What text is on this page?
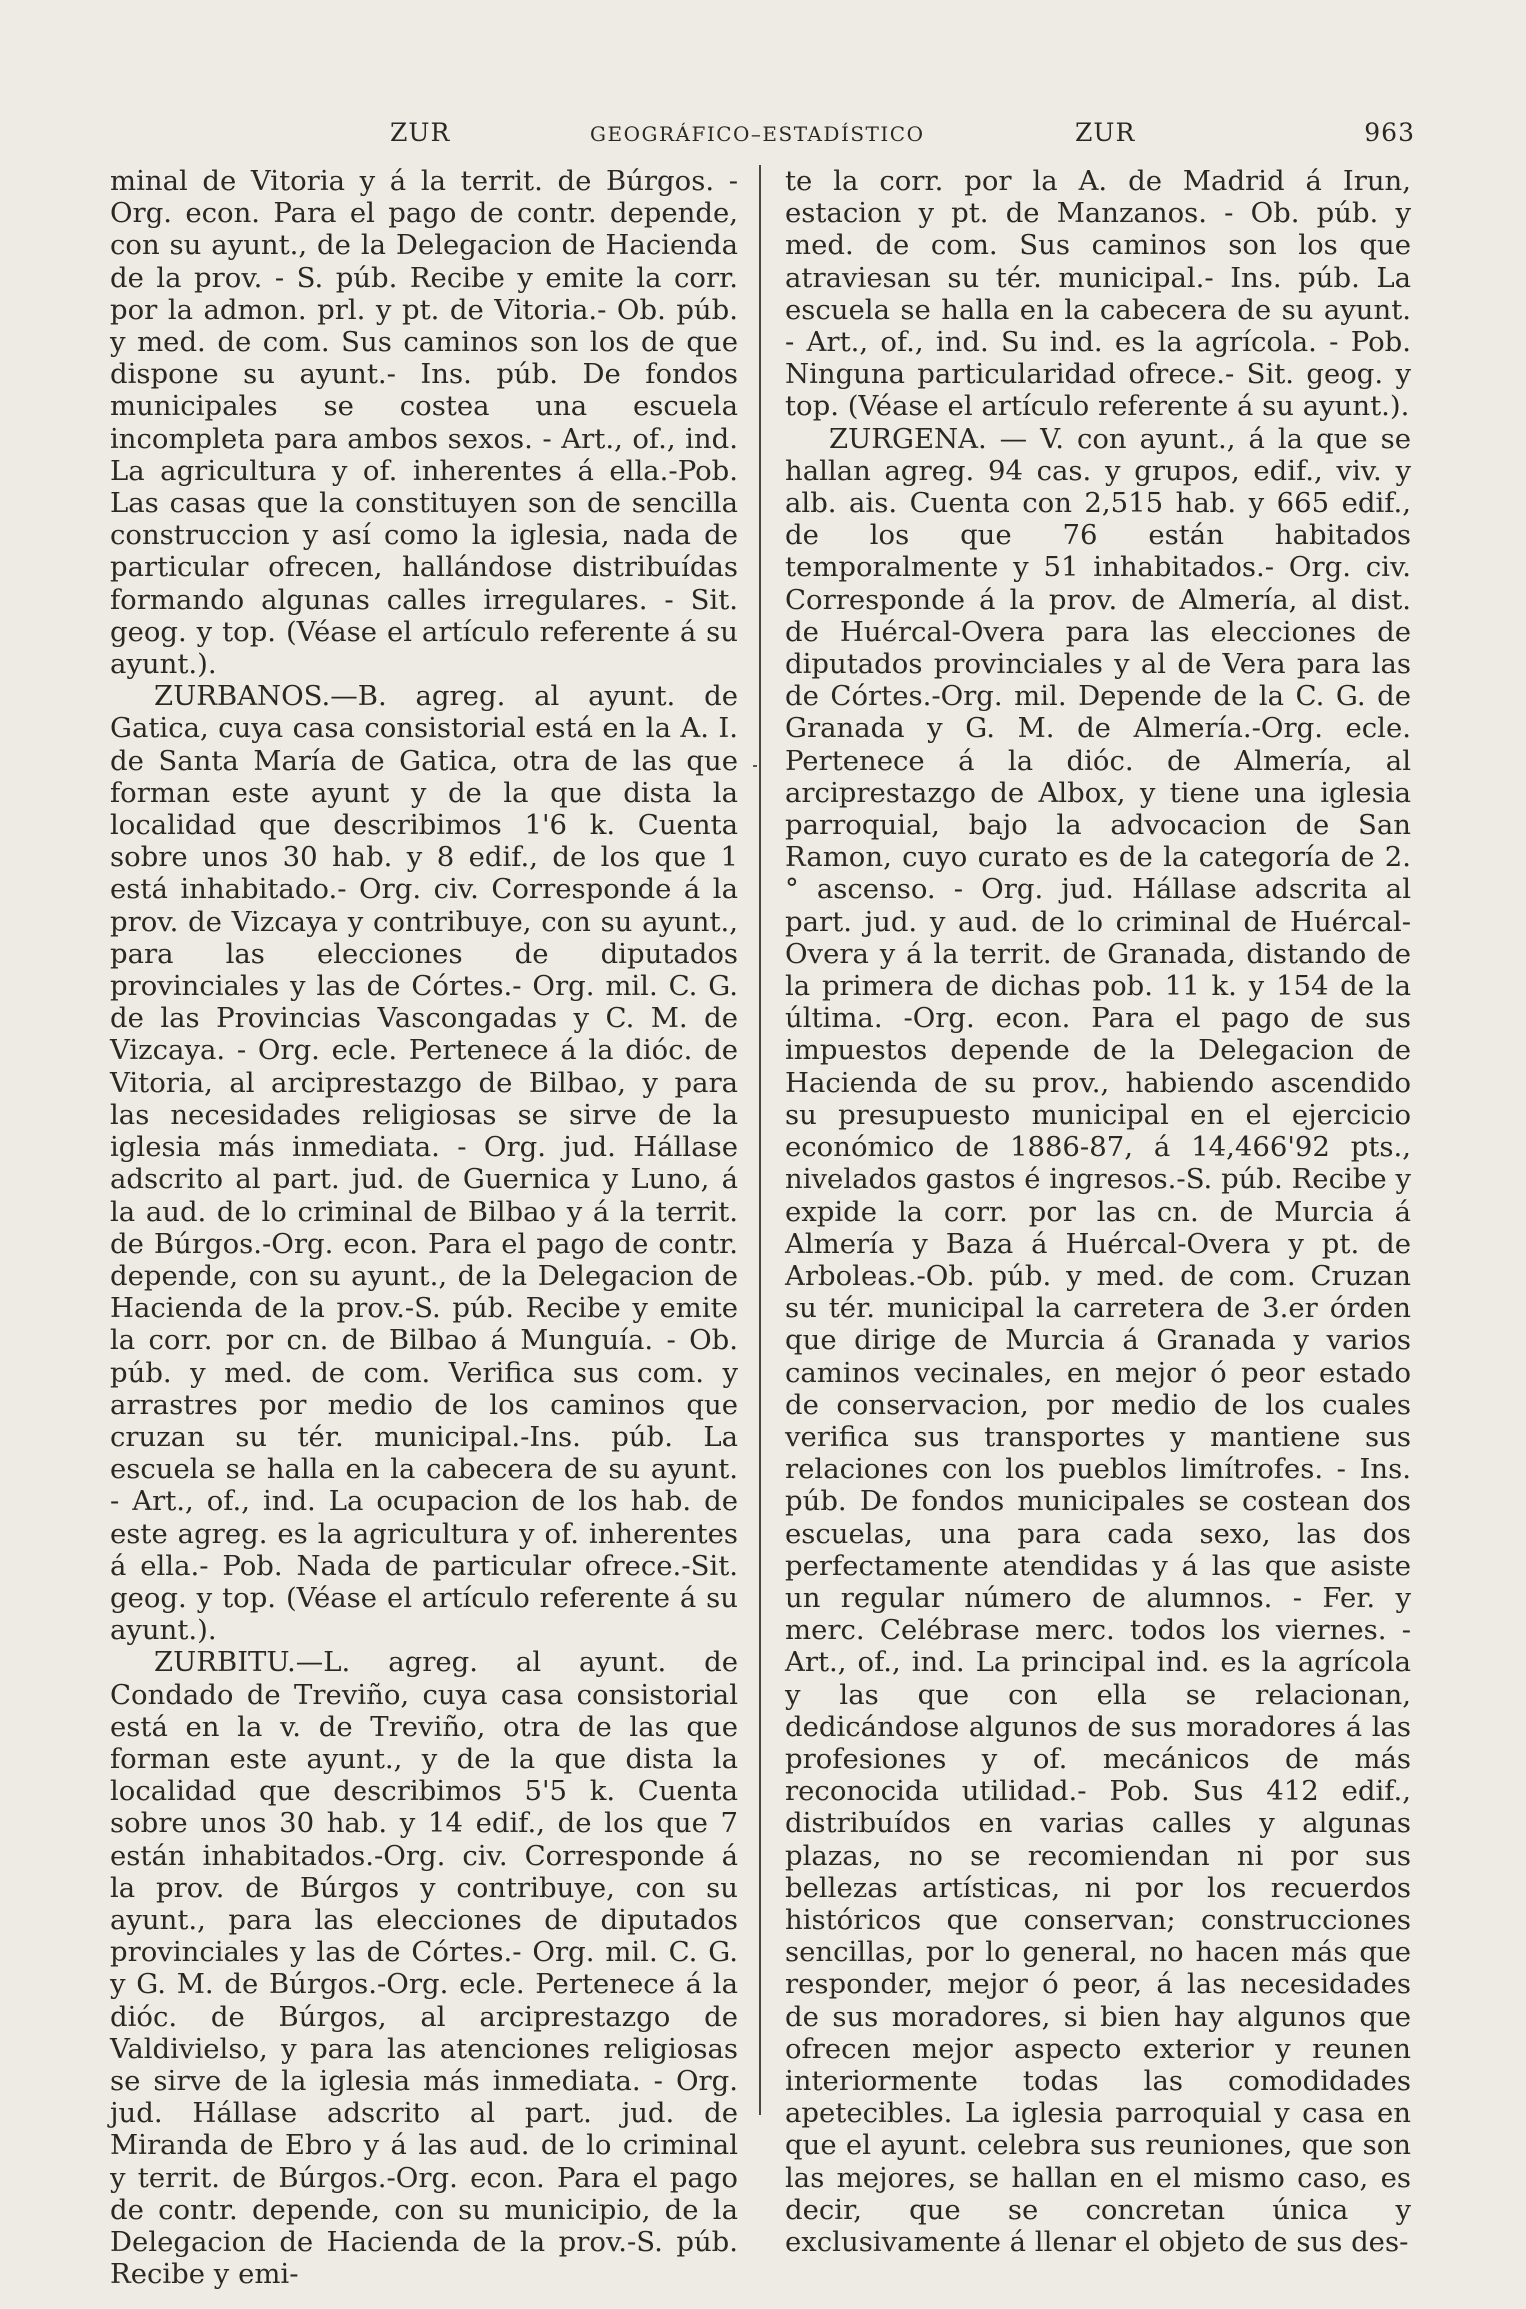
ZUR	GEOGRÁFICO–ESTADÍSTICO	ZUR	963

minal de Vitoria y á la territ. de Búrgos. - Org. econ. Para el pago de contr. depende, con su ayunt., de la Delegacion de Hacienda de la prov. - S. púb. Recibe y emite la corr. por la admon. prl. y pt. de Vitoria.- Ob. púb. y med. de com. Sus caminos son los de que dispone su ayunt.- Ins. púb. De fondos municipales se costea una escuela incompleta para ambos sexos. - Art., of., ind. La agricultura y of. inherentes á ella.-Pob. Las casas que la constituyen son de sencilla construccion y así como la iglesia, nada de particular ofrecen, hallándose distribuídas formando algunas calles irregulares. - Sit. geog. y top. (Véase el artículo referente á su ayunt.).

ZURBANOS.—B. agreg. al ayunt. de Gatica, cuya casa consistorial está en la A. I. de Santa María de Gatica, otra de las que forman este ayunt y de la que dista la localidad que describimos 1'6 k. Cuenta sobre unos 30 hab. y 8 edif., de los que 1 está inhabitado.- Org. civ. Corresponde á la prov. de Vizcaya y contribuye, con su ayunt., para las elecciones de diputados provinciales y las de Córtes.- Org. mil. C. G. de las Provincias Vascongadas y C. M. de Vizcaya. - Org. ecle. Pertenece á la dióc. de Vitoria, al arciprestazgo de Bilbao, y para las necesidades religiosas se sirve de la iglesia más inmediata. - Org. jud. Hállase adscrito al part. jud. de Guernica y Luno, á la aud. de lo criminal de Bilbao y á la territ. de Búrgos.-Org. econ. Para el pago de contr. depende, con su ayunt., de la Delegacion de Hacienda de la prov.-S. púb. Recibe y emite la corr. por cn. de Bilbao á Munguía. - Ob. púb. y med. de com. Verifica sus com. y arrastres por medio de los caminos que cruzan su tér. municipal.-Ins. púb. La escuela se halla en la cabecera de su ayunt. - Art., of., ind. La ocupacion de los hab. de este agreg. es la agricultura y of. inherentes á ella.- Pob. Nada de particular ofrece.-Sit. geog. y top. (Véase el artículo referente á su ayunt.).

ZURBITU.—L. agreg. al ayunt. de Condado de Treviño, cuya casa consistorial está en la v. de Treviño, otra de las que forman este ayunt., y de la que dista la localidad que describimos 5'5 k. Cuenta sobre unos 30 hab. y 14 edif., de los que 7 están inhabitados.-Org. civ. Corresponde á la prov. de Búrgos y contribuye, con su ayunt., para las elecciones de diputados provinciales y las de Córtes.- Org. mil. C. G. y G. M. de Búrgos.-Org. ecle. Pertenece á la dióc. de Búrgos, al arciprestazgo de Valdivielso, y para las atenciones religiosas se sirve de la iglesia más inmediata. - Org. jud. Hállase adscrito al part. jud. de Miranda de Ebro y á las aud. de lo criminal y territ. de Búrgos.-Org. econ. Para el pago de contr. depende, con su municipio, de la Delegacion de Hacienda de la prov.-S. púb. Recibe y emi-

te la corr. por la A. de Madrid á Irun, estacion y pt. de Manzanos. - Ob. púb. y med. de com. Sus caminos son los que atraviesan su tér. municipal.- Ins. púb. La escuela se halla en la cabecera de su ayunt. - Art., of., ind. Su ind. es la agrícola. - Pob. Ninguna particularidad ofrece.- Sit. geog. y top. (Véase el artículo referente á su ayunt.).

ZURGENA. — V. con ayunt., á la que se hallan agreg. 94 cas. y grupos, edif., viv. y alb. ais. Cuenta con 2,515 hab. y 665 edif., de los que 76 están habitados temporalmente y 51 inhabitados.- Org. civ. Corresponde á la prov. de Almería, al dist. de Huércal-Overa para las elecciones de diputados provinciales y al de Vera para las de Córtes.-Org. mil. Depende de la C. G. de Granada y G. M. de Almería.-Org. ecle. Pertenece á la dióc. de Almería, al arciprestazgo de Albox, y tiene una iglesia parroquial, bajo la advocacion de San Ramon, cuyo curato es de la categoría de 2.° ascenso. - Org. jud. Hállase adscrita al part. jud. y aud. de lo criminal de Huércal-Overa y á la territ. de Granada, distando de la primera de dichas pob. 11 k. y 154 de la última. -Org. econ. Para el pago de sus impuestos depende de la Delegacion de Hacienda de su prov., habiendo ascendido su presupuesto municipal en el ejercicio económico de 1886-87, á 14,466'92 pts., nivelados gastos é ingresos.-S. púb. Recibe y expide la corr. por las cn. de Murcia á Almería y Baza á Huércal-Overa y pt. de Arboleas.-Ob. púb. y med. de com. Cruzan su tér. municipal la carretera de 3.er órden que dirige de Murcia á Granada y varios caminos vecinales, en mejor ó peor estado de conservacion, por medio de los cuales verifica sus transportes y mantiene sus relaciones con los pueblos limítrofes. - Ins. púb. De fondos municipales se costean dos escuelas, una para cada sexo, las dos perfectamente atendidas y á las que asiste un regular número de alumnos. - Fer. y merc. Celébrase merc. todos los viernes. - Art., of., ind. La principal ind. es la agrícola y las que con ella se relacionan, dedicándose algunos de sus moradores á las profesiones y of. mecánicos de más reconocida utilidad.- Pob. Sus 412 edif., distribuídos en varias calles y algunas plazas, no se recomiendan ni por sus bellezas artísticas, ni por los recuerdos históricos que conservan; construcciones sencillas, por lo general, no hacen más que responder, mejor ó peor, á las necesidades de sus moradores, si bien hay algunos que ofrecen mejor aspecto exterior y reunen interiormente todas las comodidades apetecibles. La iglesia parroquial y casa en que el ayunt. celebra sus reuniones, que son las mejores, se hallan en el mismo caso, es decir, que se concretan única y exclusivamente á llenar el objeto de sus des-
